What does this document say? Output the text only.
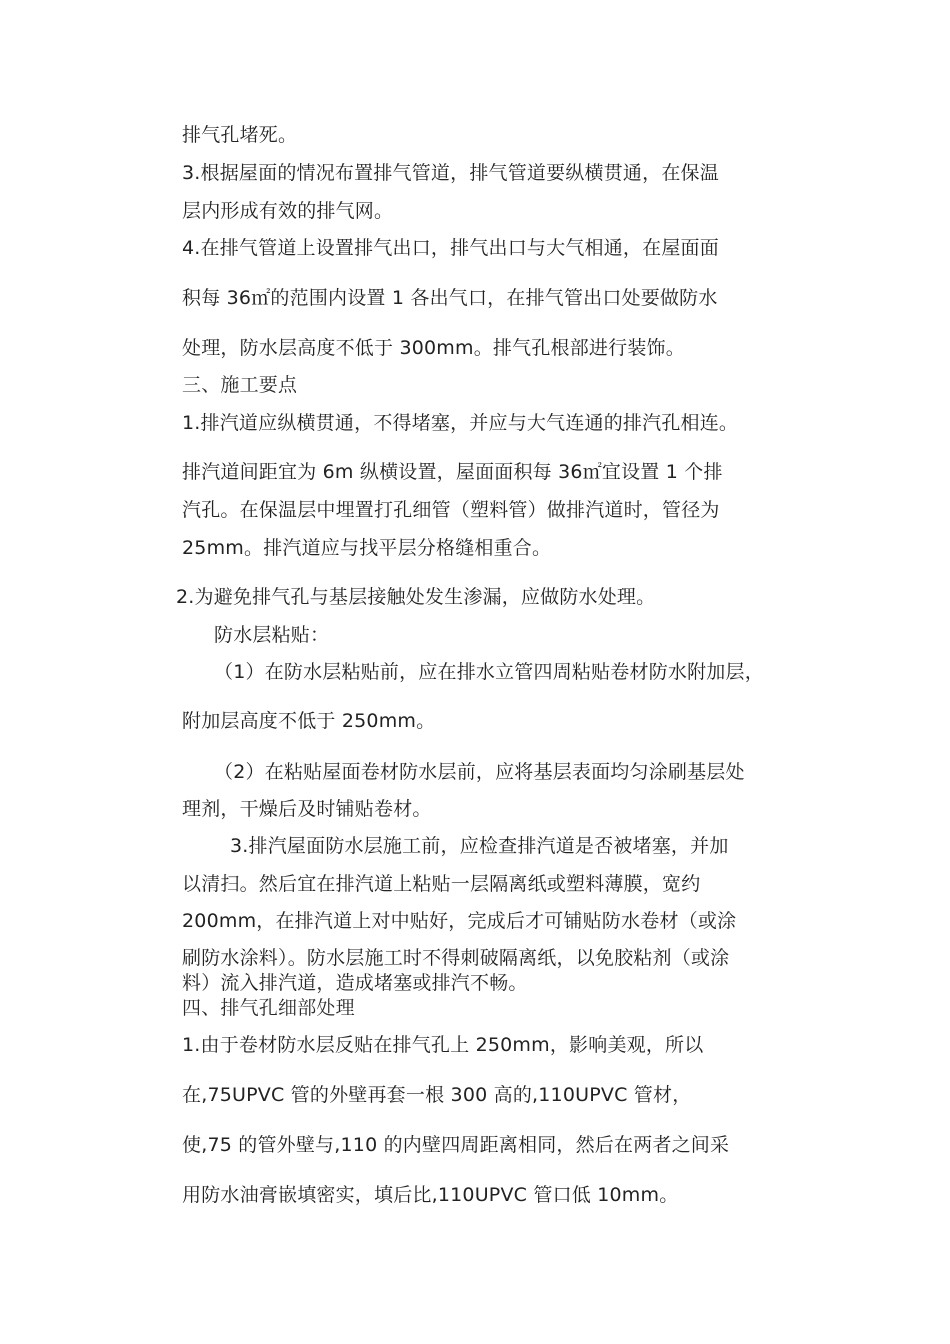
排气孔堵死。
3.根据屋面的情况布置排气管道，排气管道要纵横贯通，在保温
层内形成有效的排气网。
4.在排气管道上设置排气出口，排气出口与大气相通，在屋面面
积每 36㎡的范围内设置 1 各出气口，在排气管出口处要做防水
处理，防水层高度不低于 300mm。排气孔根部进行装饰。
三、施工要点
1.排汽道应纵横贯通，不得堵塞，并应与大气连通的排汽孔相连。
排汽道间距宜为 6m 纵横设置，屋面面积每 36㎡宜设置 1 个排
汽孔。在保温层中埋置打孔细管（塑料管）做排汽道时，管径为
25mm。排汽道应与找平层分格缝相重合。
2.为避免排气孔与基层接触处发生渗漏，应做防水处理。
防水层粘贴：
（1）在防水层粘贴前，应在排水立管四周粘贴卷材防水附加层，
附加层高度不低于 250mm。
（2）在粘贴屋面卷材防水层前，应将基层表面均匀涂刷基层处
理剂，干燥后及时铺贴卷材。
3.排汽屋面防水层施工前，应检查排汽道是否被堵塞，并加
以清扫。然后宜在排汽道上粘贴一层隔离纸或塑料薄膜，宽约
200mm，在排汽道上对中贴好，完成后才可铺贴防水卷材（或涂
刷防水涂料）。防水层施工时不得刺破隔离纸，以免胶粘剂（或涂
料）流入排汽道，造成堵塞或排汽不畅。
四、排气孔细部处理
1.由于卷材防水层反贴在排气孔上 250mm，影响美观，所以
在,75UPVC 管的外壁再套一根 300 高的,110UPVC 管材，
使,75 的管外壁与,110 的内壁四周距离相同，然后在两者之间采
用防水油膏嵌填密实，填后比,110UPVC 管口低 10mm。
